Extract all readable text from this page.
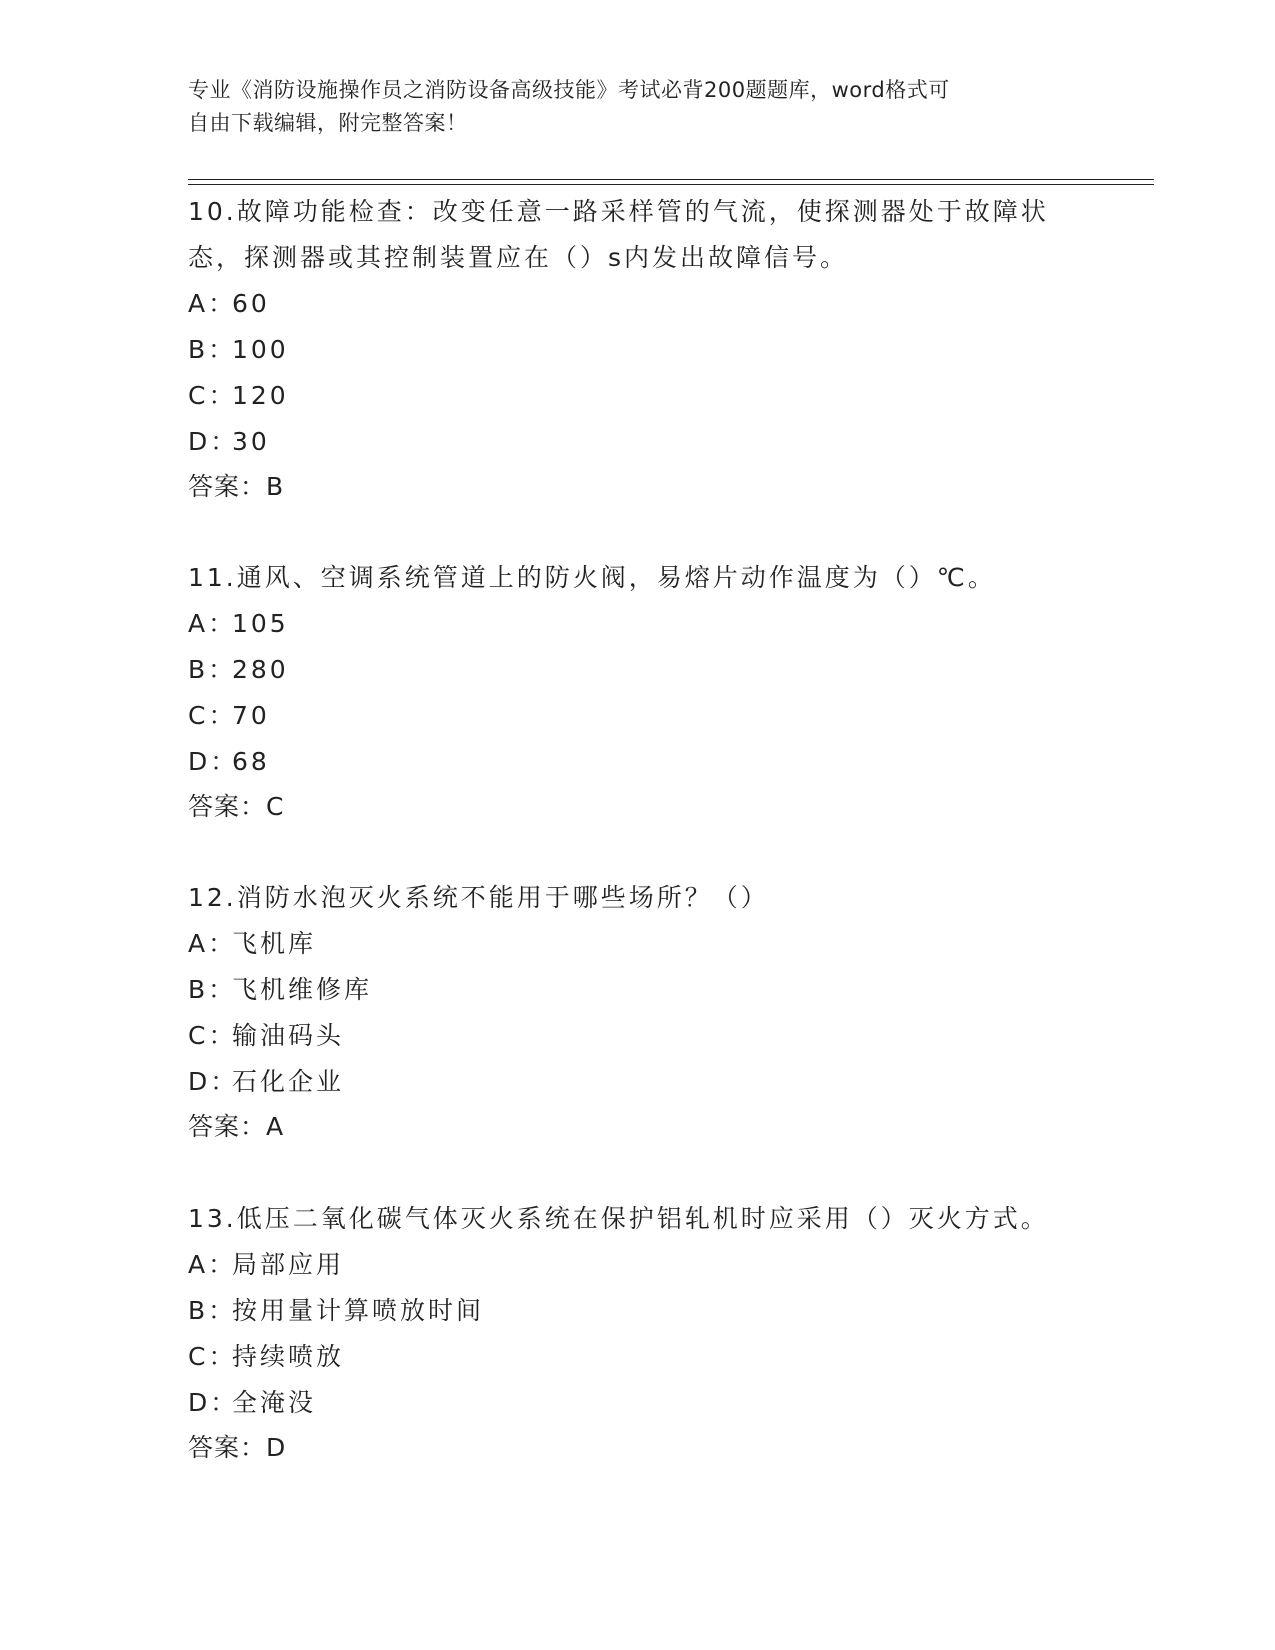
专业《消防设施操作员之消防设备高级技能》考试必背200题题库，word格式可
自由下载编辑，附完整答案！

10.故障功能检查：改变任意一路采样管的气流，使探测器处于故障状

态，探测器或其控制装置应在（）s内发出故障信号。

A：60

B：100

C：120

D：30

答案：B

11.通风、空调系统管道上的防火阀，易熔片动作温度为（）℃。

A：105

B：280

C：70

D：68

答案：C

12.消防水泡灭火系统不能用于哪些场所？（）

A：飞机库

B：飞机维修库

C：输油码头

D：石化企业

答案：A

13.低压二氧化碳气体灭火系统在保护铝轧机时应采用（）灭火方式。

A：局部应用

B：按用量计算喷放时间

C：持续喷放

D：全淹没

答案：D
